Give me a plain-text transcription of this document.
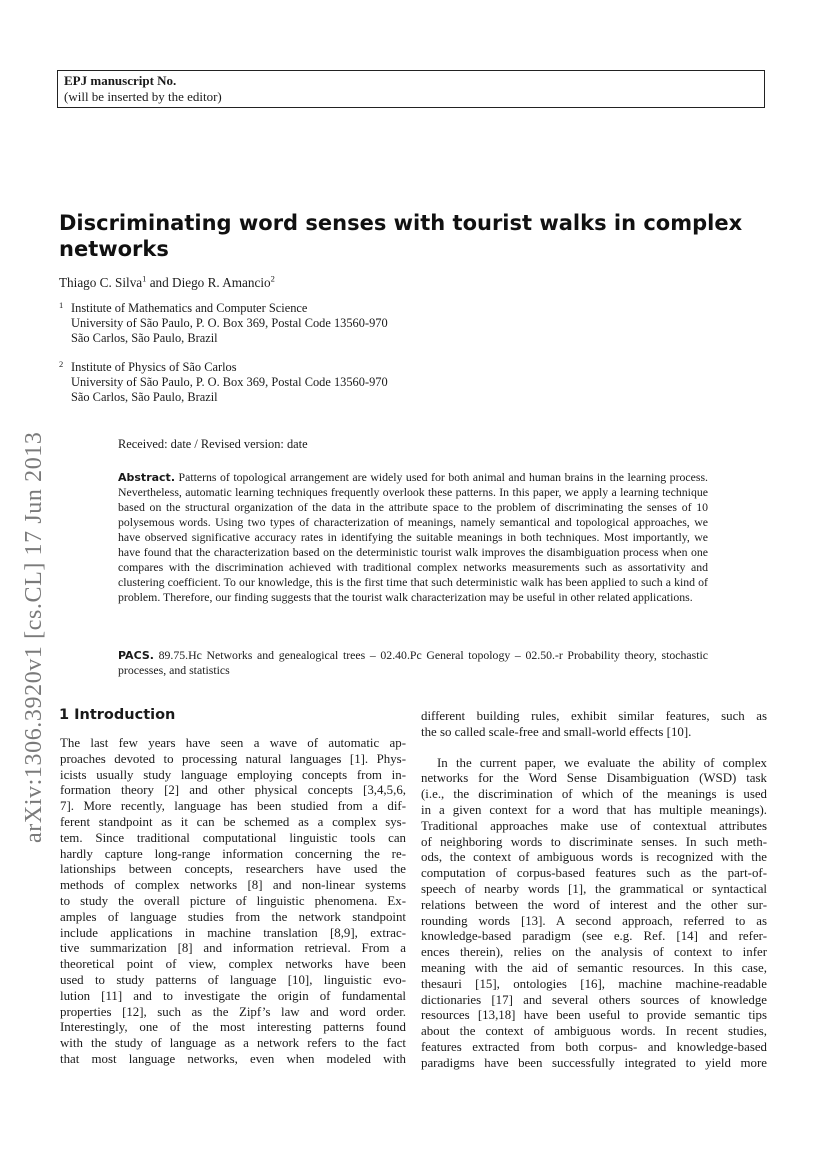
EPJ manuscript No.
(will be inserted by the editor)
Discriminating word senses with tourist walks in complex networks
Thiago C. Silva$^1$ and Diego R. Amancio$^2$
1 Institute of Mathematics and Computer Science
University of São Paulo, P. O. Box 369, Postal Code 13560-970
São Carlos, São Paulo, Brazil
2 Institute of Physics of São Carlos
University of São Paulo, P. O. Box 369, Postal Code 13560-970
São Carlos, São Paulo, Brazil
Received: date / Revised version: date
Abstract. Patterns of topological arrangement are widely used for both animal and human brains in the learning process. Nevertheless, automatic learning techniques frequently overlook these patterns. In this paper, we apply a learning technique based on the structural organization of the data in the attribute space to the problem of discriminating the senses of 10 polysemous words. Using two types of characterization of meanings, namely semantical and topological approaches, we have observed significative accuracy rates in identifying the suitable meanings in both techniques. Most importantly, we have found that the characterization based on the deterministic tourist walk improves the disambiguation process when one compares with the discrimination achieved with traditional complex networks measurements such as assortativity and clustering coefficient. To our knowledge, this is the first time that such deterministic walk has been applied to such a kind of problem. Therefore, our finding suggests that the tourist walk characterization may be useful in other related applications.
PACS. 89.75.Hc Networks and genealogical trees – 02.40.Pc General topology – 02.50.-r Probability theory, stochastic processes, and statistics
arXiv:1306.3920v1 [cs.CL] 17 Jun 2013 1 Introduction
The last few years have seen a wave of automatic ap-
proaches devoted to processing natural languages [1]. Phys-
icists usually study language employing concepts from in-
formation theory [2] and other physical concepts [3,4,5,6,
7]. More recently, language has been studied from a dif-
ferent standpoint as it can be schemed as a complex sys-
tem. Since traditional computational linguistic tools can
hardly capture long-range information concerning the re-
lationships between concepts, researchers have used the
methods of complex networks [8] and non-linear systems
to study the overall picture of linguistic phenomena. Ex-
amples of language studies from the network standpoint
include applications in machine translation [8,9], extrac-
tive summarization [8] and information retrieval. From a
theoretical point of view, complex networks have been
used to study patterns of language [10], linguistic evo-
lution [11] and to investigate the origin of fundamental
properties [12], such as the Zipf’s law and word order.
Interestingly, one of the most interesting patterns found
with the study of language as a network refers to the fact
that most language networks, even when modeled with
different building rules, exhibit similar features, such as
the so called scale-free and small-world effects [10].
In the current paper, we evaluate the ability of complex
networks for the Word Sense Disambiguation (WSD) task
(i.e., the discrimination of which of the meanings is used
in a given context for a word that has multiple meanings).
Traditional approaches make use of contextual attributes
of neighboring words to discriminate senses. In such meth-
ods, the context of ambiguous words is recognized with the
computation of corpus-based features such as the part-of-
speech of nearby words [1], the grammatical or syntactical
relations between the word of interest and the other sur-
rounding words [13]. A second approach, referred to as
knowledge-based paradigm (see e.g. Ref. [14] and refer-
ences therein), relies on the analysis of context to infer
meaning with the aid of semantic resources. In this case,
thesauri [15], ontologies [16], machine machine-readable
dictionaries [17] and several others sources of knowledge
resources [13,18] have been useful to provide semantic tips
about the context of ambiguous words. In recent studies,
features extracted from both corpus- and knowledge-based
paradigms have been successfully integrated to yield more
